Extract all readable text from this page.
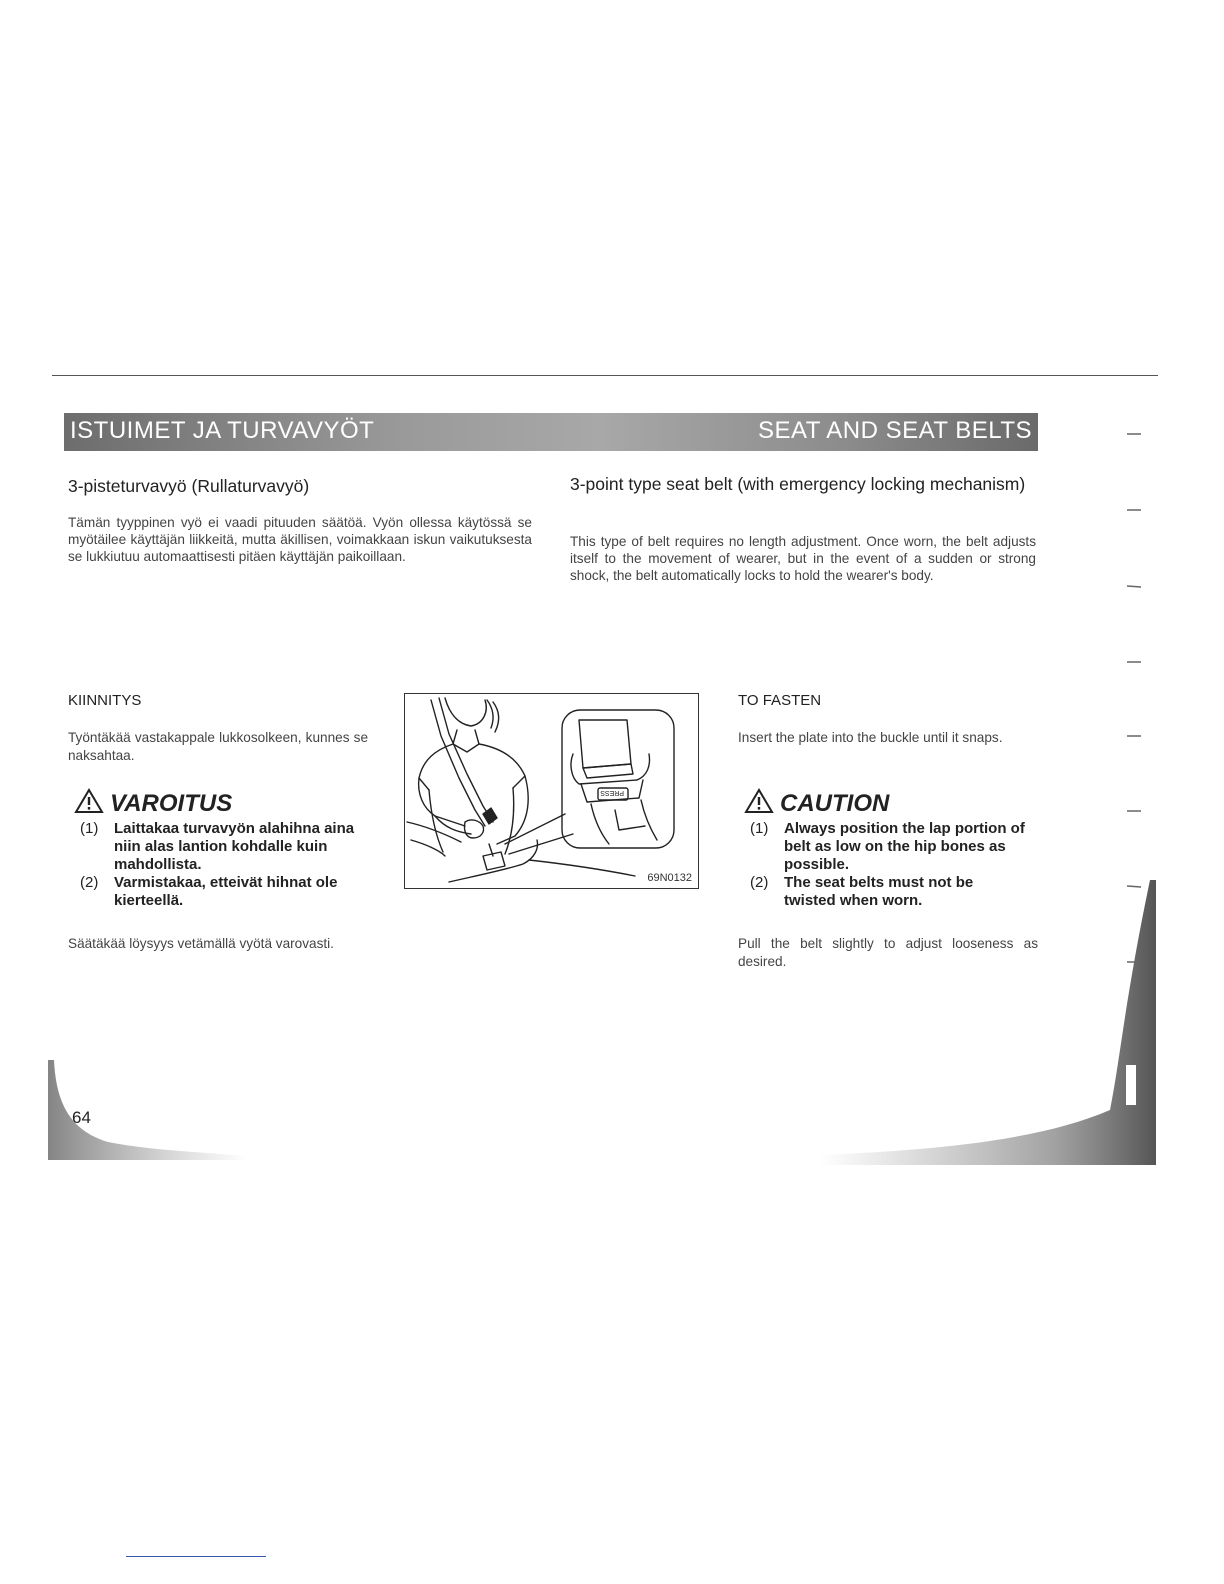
ISTUIMET JA TURVAVYÖT	SEAT AND SEAT BELTS
3-pisteturvavyö (Rullaturvavyö)	3-point type seat belt (with emergency locking mechanism)
Tämän tyyppinen vyö ei vaadi pituuden säätöä. Vyön ollessa käytössä se myötäilee käyttäjän liikkeitä, mutta äkillisen, voimakkaan iskun vaikutuksesta se lukkiutuu automaattisesti pitäen käyttäjän paikoillaan.
This type of belt requires no length adjustment. Once worn, the belt adjusts itself to the movement of wearer, but in the event of a sudden or strong shock, the belt automatically locks to hold the wearer's body.
KIINNITYS	TO FASTEN
Työntäkää vastakappale lukkosolkeen, kunnes se naksahtaa.
Insert the plate into the buckle until it snaps.
VAROITUS
(1) Laittakaa turvavyön alahihna aina niin alas lantion kohdalle kuin mahdollista.
(2) Varmistakaa, etteivät hihnat ole kierteellä.
CAUTION
(1) Always position the lap portion of belt as low on the hip bones as possible.
(2) The seat belts must not be twisted when worn.
Säätäkää löysyys vetämällä vyötä varovasti.	Pull the belt slightly to adjust looseness as desired.
PRESS
69N0132
64
